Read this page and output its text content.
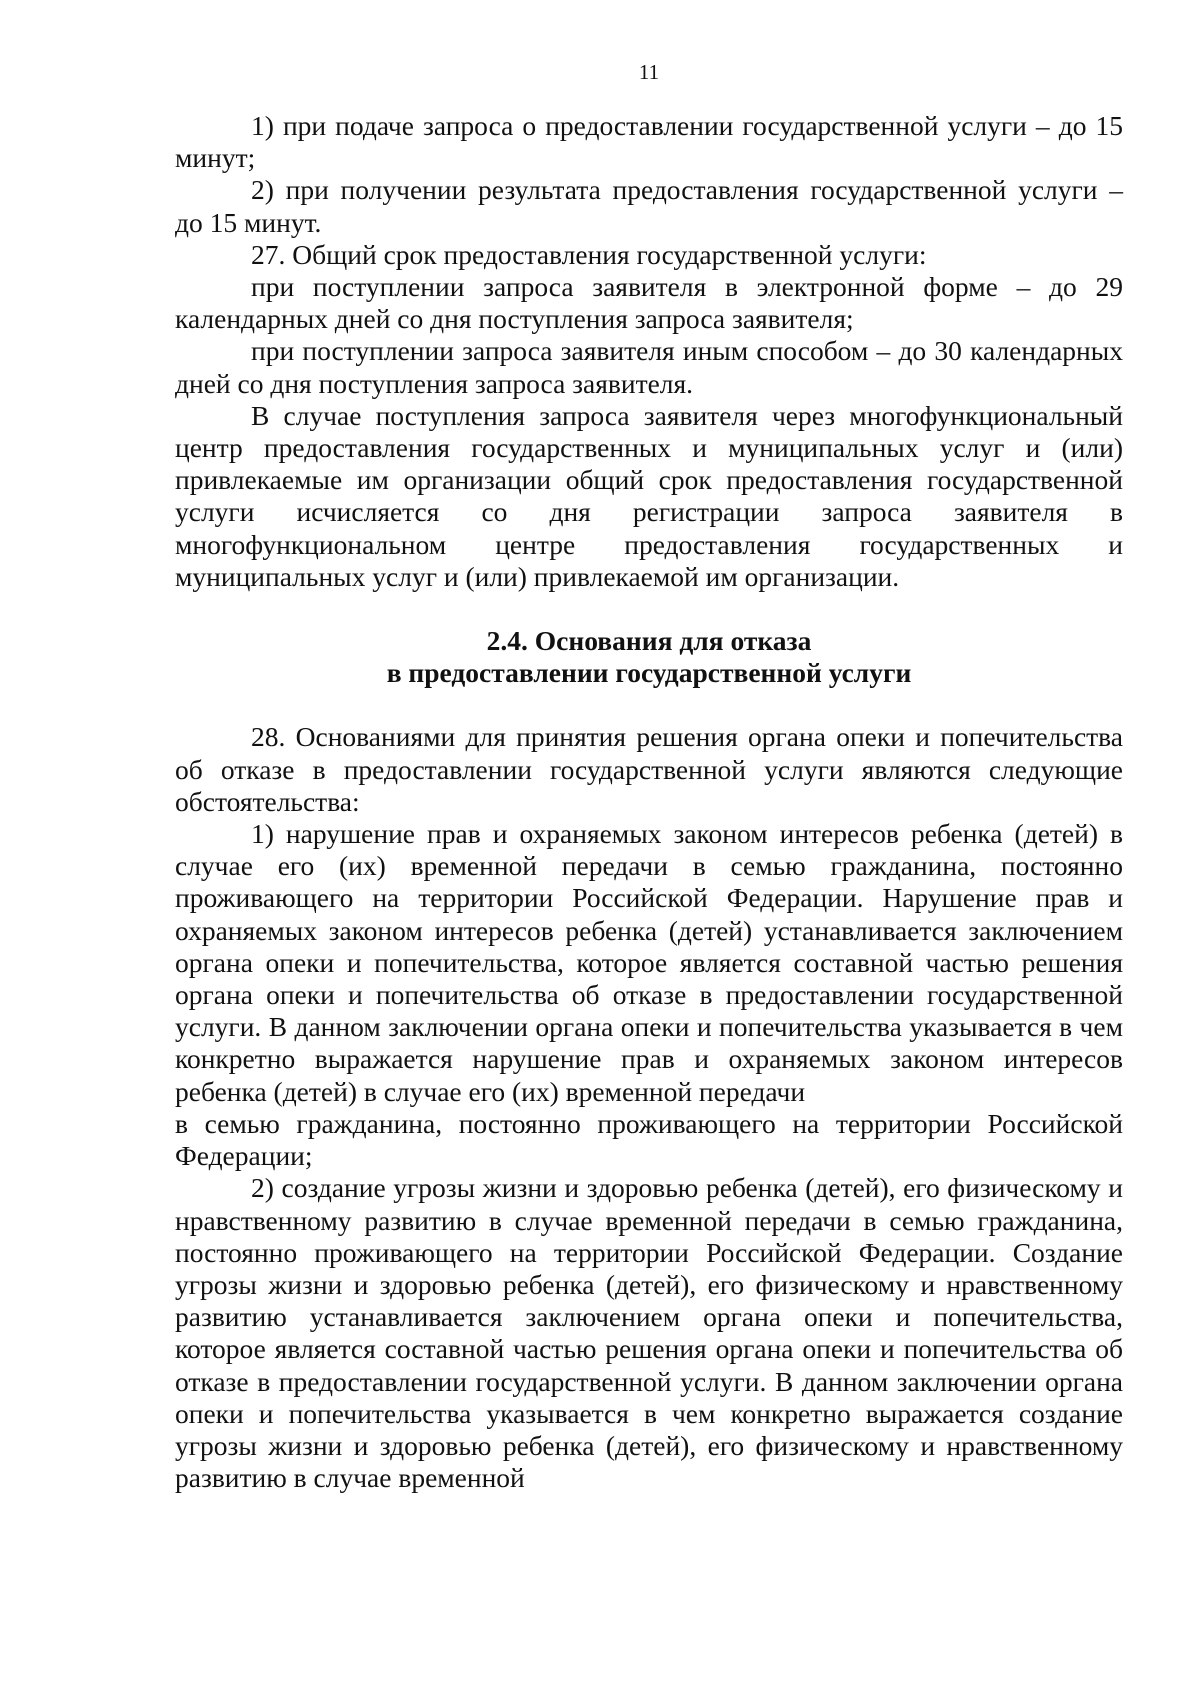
11

1) при подаче запроса о предоставлении государственной услуги – до 15 минут;

2) при получении результата предоставления государственной услуги – до 15 минут.

27. Общий срок предоставления государственной услуги:

при поступлении запроса заявителя в электронной форме – до 29 календарных дней со дня поступления запроса заявителя;

при поступлении запроса заявителя иным способом – до 30 календарных дней со дня поступления запроса заявителя.

В случае поступления запроса заявителя через многофункциональный центр предоставления государственных и муниципальных услуг и (или) привлекаемые им организации общий срок предоставления государственной услуги исчисляется со дня регистрации запроса заявителя в многофункциональном центре предоставления государственных и муниципальных услуг и (или) привлекаемой им организации.

2.4. Основания для отказа
в предоставлении государственной услуги

28. Основаниями для принятия решения органа опеки и попечительства об отказе в предоставлении государственной услуги являются следующие обстоятельства:

1) нарушение прав и охраняемых законом интересов ребенка (детей) в случае его (их) временной передачи в семью гражданина, постоянно проживающего на территории Российской Федерации. Нарушение прав и охраняемых законом интересов ребенка (детей) устанавливается заключением органа опеки и попечительства, которое является составной частью решения органа опеки и попечительства об отказе в предоставлении государственной услуги. В данном заключении органа опеки и попечительства указывается в чем конкретно выражается нарушение прав и охраняемых законом интересов ребенка (детей) в случае его (их) временной передачи

в семью гражданина, постоянно проживающего на территории Российской Федерации;

2) создание угрозы жизни и здоровью ребенка (детей), его физическому и нравственному развитию в случае временной передачи в семью гражданина, постоянно проживающего на территории Российской Федерации. Создание угрозы жизни и здоровью ребенка (детей), его физическому и нравственному развитию устанавливается заключением органа опеки и попечительства, которое является составной частью решения органа опеки и попечительства об отказе в предоставлении государственной услуги. В данном заключении органа опеки и попечительства указывается в чем конкретно выражается создание угрозы жизни и здоровью ребенка (детей), его физическому и нравственному развитию в случае временной
